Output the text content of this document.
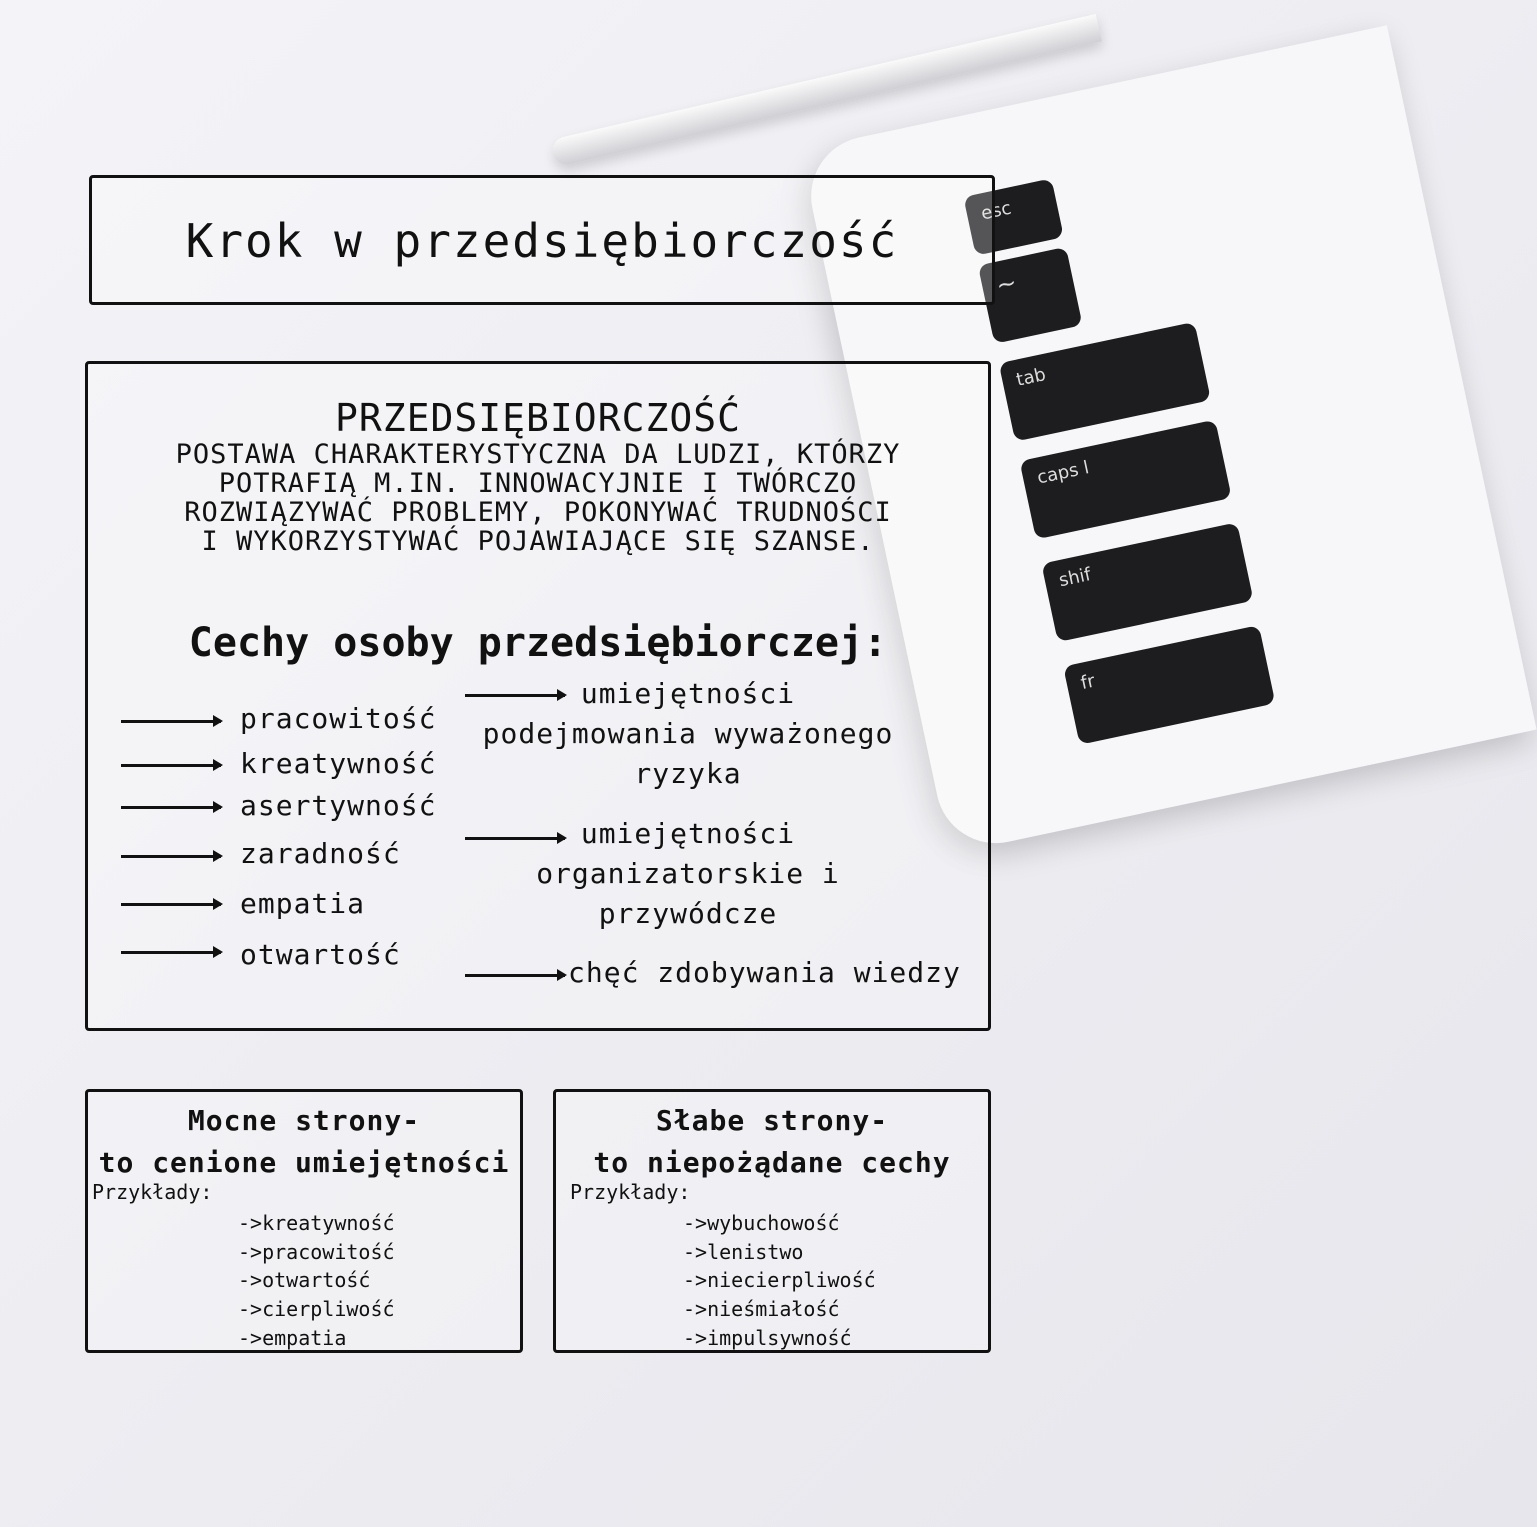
esc
~
tab
caps l
shif
fr
Krok w przedsiębiorczość
PRZEDSIĘBIORCZOŚĆ
POSTAWA CHARAKTERYSTYCZNA DA LUDZI, KTÓRZY
POTRAFIĄ M.IN. INNOWACYJNIE I TWÓRCZO
ROZWIĄZYWAĆ PROBLEMY, POKONYWAĆ TRUDNOŚCI
I WYKORZYSTYWAĆ POJAWIAJĄCE SIĘ SZANSE.
Cechy osoby przedsiębiorczej:
pracowitość
kreatywność
asertywność
zaradność
empatia
otwartość
umiejętności
podejmowania wyważonego
ryzyka
umiejętności
organizatorskie i
przywódcze
chęć zdobywania wiedzy
Mocne strony-
to cenione umiejętności
Przykłady:
->kreatywność
->pracowitość
->otwartość
->cierpliwość
->empatia
Słabe strony-
to niepożądane cechy
Przykłady:
->wybuchowość
->lenistwo
->niecierpliwość
->nieśmiałość
->impulsywność
